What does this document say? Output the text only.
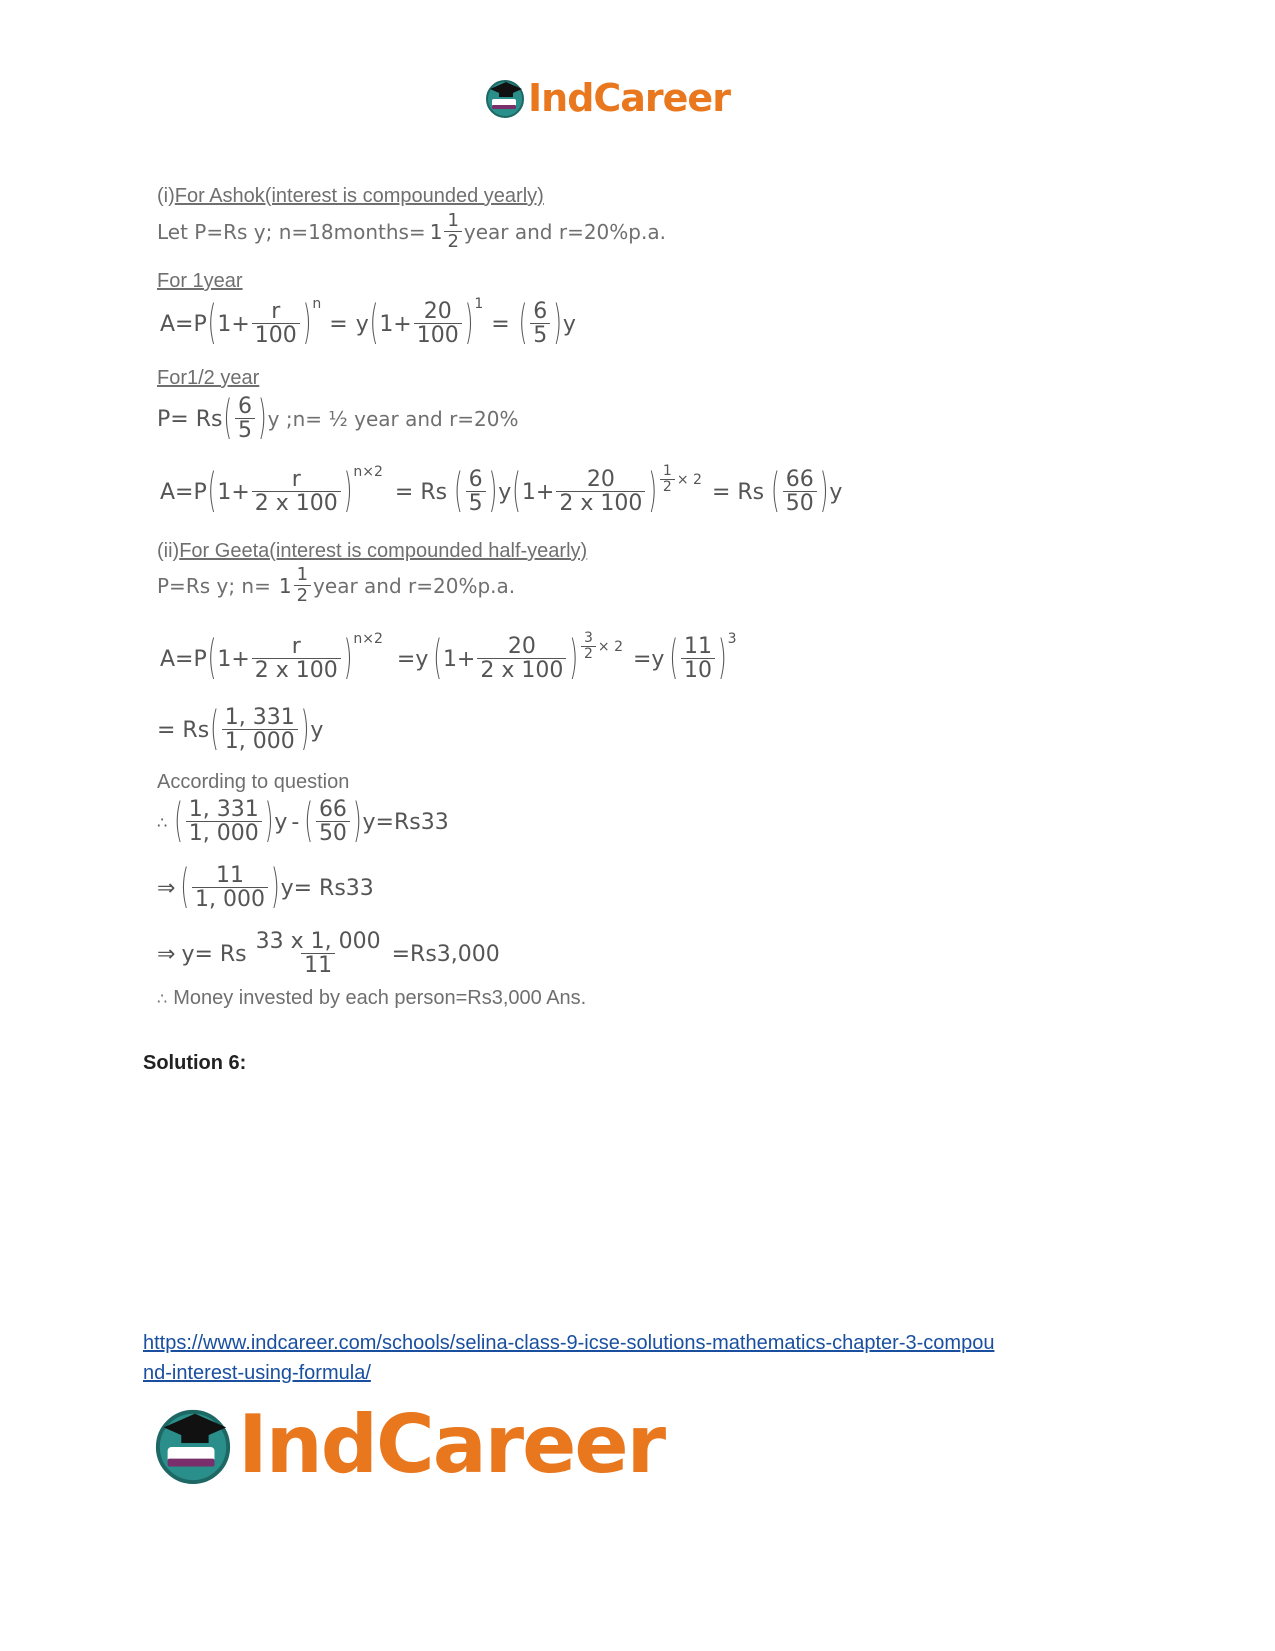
IndCareer
(i)For Ashok(interest is compounded yearly)
Let P=Rs y; n=18months= $1 \frac{1}{2}$ year and r=20%p.a.
For 1year
A=P ( $1+ \frac{r}{100}$ ) n
= y ( $1+ \frac{20}{100}$ ) 1
= ( $\frac{6}{5}$ ) y
For1/2 year
P= Rs ( $\frac{6}{5}$ ) y ;n= ½ year and r=20%
A=P ( $1+ \frac{r}{2 x 100}$ ) n×2
= Rs ( $\frac{6}{5}$ ) y ( $1+ \frac{20}{2 x 100}$ ) $\frac{1}{2} \times 2$
= Rs ( $\frac{66}{50}$ ) y
(ii)For Geeta(interest is compounded half-yearly)
P=Rs y; $n= 1 \frac{1}{2}$ year and r=20%p.a.
A=P ( $1+ \frac{r}{2 x 100}$ ) n×2
=y ( $1+ \frac{20}{2 x 100}$ ) $\frac{3}{2} \times 2$
=y ( $\frac{11}{10}$ ) 3
= Rs ( $\frac{1, 331}{1, 000}$ ) y
According to question
∴ ( $\frac{1, 331}{1, 000}$ ) y - ( $\frac{66}{50}$ ) y=Rs33
⇒ ( $\frac{11}{1, 000}$ ) y= Rs33
⇒ y= Rs $\frac{33 x 1, 000}{11} =Rs3,000$
∴ Money invested by each person=Rs3,000 Ans.
Solution 6:
https://www.indcareer.com/schools/selina-class-9-icse-solutions-mathematics-chapter-3-compou
nd-interest-using-formula/
IndCareer
